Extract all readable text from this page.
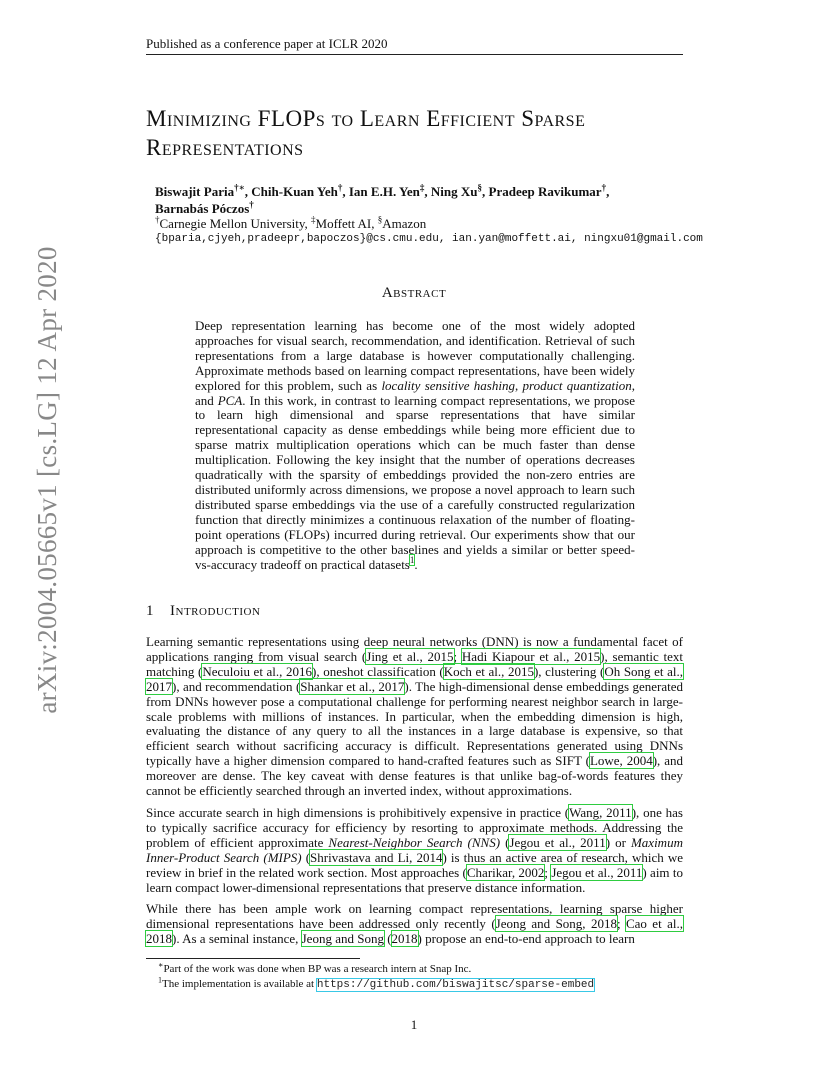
Published as a conference paper at ICLR 2020
arXiv:2004.05665v1 [cs.LG] 12 Apr 2020
Minimizing FLOPs to Learn Efficient Sparse
Representations
Biswajit Paria†∗, Chih-Kuan Yeh†, Ian E.H. Yen‡, Ning Xu§, Pradeep Ravikumar†,
Barnabás Póczos†
†Carnegie Mellon University, ‡Moffett AI, §Amazon
{bparia,cjyeh,pradeepr,bapoczos}@cs.cmu.edu, ian.yan@moffett.ai, ningxu01@gmail.com
Abstract
Deep representation learning has become one of the most widely adopted approaches for visual search, recommendation, and identification. Retrieval of such representations from a large database is however computationally challenging. Approximate methods based on learning compact representations, have been widely explored for this problem, such as locality sensitive hashing, product quantization, and PCA. In this work, in contrast to learning compact representations, we propose to learn high dimensional and sparse representations that have similar representational capacity as dense embeddings while being more efficient due to sparse matrix multiplication operations which can be much faster than dense multiplication. Following the key insight that the number of operations decreases quadratically with the sparsity of embeddings provided the non-zero entries are distributed uniformly across dimensions, we propose a novel approach to learn such distributed sparse embeddings via the use of a carefully constructed regularization function that directly minimizes a continuous relaxation of the number of floating-point operations (FLOPs) incurred during retrieval. Our experiments show that our approach is competitive to the other baselines and yields a similar or better speed-vs-accuracy tradeoff on practical datasets$^1$.
1 Introduction

Learning semantic representations using deep neural networks (DNN) is now a fundamental facet of applications ranging from visual search (Jing et al., 2015; Hadi Kiapour et al., 2015), semantic text matching (Neculoiu et al., 2016), oneshot classification (Koch et al., 2015), clustering (Oh Song et al., 2017), and recommendation (Shankar et al., 2017). The high-dimensional dense embeddings generated from DNNs however pose a computational challenge for performing nearest neighbor search in large-scale problems with millions of instances. In particular, when the embedding dimension is high, evaluating the distance of any query to all the instances in a large database is expensive, so that efficient search without sacrificing accuracy is difficult. Representations generated using DNNs typically have a higher dimension compared to hand-crafted features such as SIFT (Lowe, 2004), and moreover are dense. The key caveat with dense features is that unlike bag-of-words features they cannot be efficiently searched through an inverted index, without approximations.

Since accurate search in high dimensions is prohibitively expensive in practice (Wang, 2011), one has to typically sacrifice accuracy for efficiency by resorting to approximate methods. Addressing the problem of efficient approximate Nearest-Neighbor Search (NNS) (Jegou et al., 2011) or Maximum Inner-Product Search (MIPS) (Shrivastava and Li, 2014) is thus an active area of research, which we review in brief in the related work section. Most approaches (Charikar, 2002; Jegou et al., 2011) aim to learn compact lower-dimensional representations that preserve distance information.

While there has been ample work on learning compact representations, learning sparse higher dimensional representations have been addressed only recently (Jeong and Song, 2018; Cao et al., 2018). As a seminal instance, Jeong and Song (2018) propose an end-to-end approach to learn

∗Part of the work was done when BP was a research intern at Snap Inc.
$^1$The implementation is available at https://github.com/biswajitsc/sparse-embed
1
